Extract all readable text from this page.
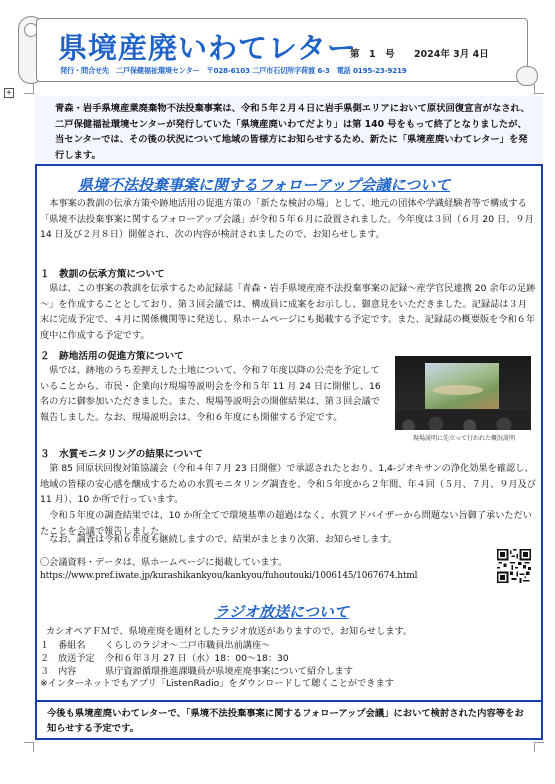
県境産廃いわてレター
第　1　号 2024年 3月 4日
発行・問合せ先　二戸保健福祉環境センター　〒028-6103 二戸市石切所字荷渡 6-3　電話 0195-23-9219
+
青森・岩手県境産業廃棄物不法投棄事案は、令和５年２月４日に岩手県側エリアにおいて原状回復宣言がなされ、二戸保健福祉環境センターが発行していた「県境産廃いわてだより」は第 140 号をもって終了となりましたが、当センターでは、その後の状況について地域の皆様方にお知らせするため、新たに「県境産廃いわてレター」を発行します。
県境不法投棄事案に関するフォローアップ会議について
本事案の教訓の伝承方策や跡地活用の促進方策の「新たな検討の場」として、地元の団体や学識経験者等で構成する「県境不法投棄事案に関するフォローアップ会議」が令和５年６月に設置されました。今年度は３回（６月 20 日、９月 14 日及び２月８日）開催され、次の内容が検討されましたので、お知らせします。
１　教訓の伝承方策について
県は、この事案の教訓を伝承するため記録誌「青森・岩手県境産廃不法投棄事案の記録～産学官民連携 20 余年の足跡～」を作成することとしており、第３回会議では、構成員に成案をお示しし、御意見をいただきました。記録誌は３月末に完成予定で、４月に関係機関等に発送し、県ホームページにも掲載する予定です。また、記録誌の概要版を令和６年度中に作成する予定です。
２　跡地活用の促進方策について
県では、跡地のうち差押えした土地について、令和７年度以降の公売を予定していることから、市民・企業向け現場等説明会を令和５年 11 月 24 日に開催し、16 名の方に御参加いただきました。また、現場等説明会の開催結果は、第３回会議で報告しました。なお、現場説明会は、令和６年度にも開催する予定です。
現場説明に先立って行われた概況説明
３　水質モニタリングの結果について
第 85 回原状回復対策協議会（令和４年７月 23 日開催）で承認されたとおり、1,4-ジオキサンの浄化効果を確認し、地域の皆様の安心感を醸成するための水質モニタリング調査を、令和５年度から２年間、年４回（５月、７月、９月及び 11 月）、10 か所で行っています。
令和５年度の調査結果では、10 か所全てで環境基準の超過はなく、水質アドバイザーから問題ない旨御了承いただいたことを会議で報告しました。
なお、調査は令和６年度も継続しますので、結果がまとまり次第、お知らせします。
〇会議資料・データは、県ホームページに掲載しています。
https://www.pref.iwate.jp/kurashikankyou/kankyou/fuhoutouki/1006145/1067674.html
ラジオ放送について
カシオペアＦＭで、県境産廃を題材としたラジオ放送がありますので、お知らせします。
１ 番組名 くらしのラジオ～二戸市職員出前講座～
２ 放送予定 令和６年３月 27 日（水）18：00～18：30
３ 内容	県庁資源循環推進課職員が県境産廃事案について紹介します
※インターネットでもアプリ「ListenRadio」をダウンロードして聴くことができます
今後も県境産廃いわてレターで、「県境不法投棄事案に関するフォローアップ会議」において検討された内容等をお知らせする予定です。
